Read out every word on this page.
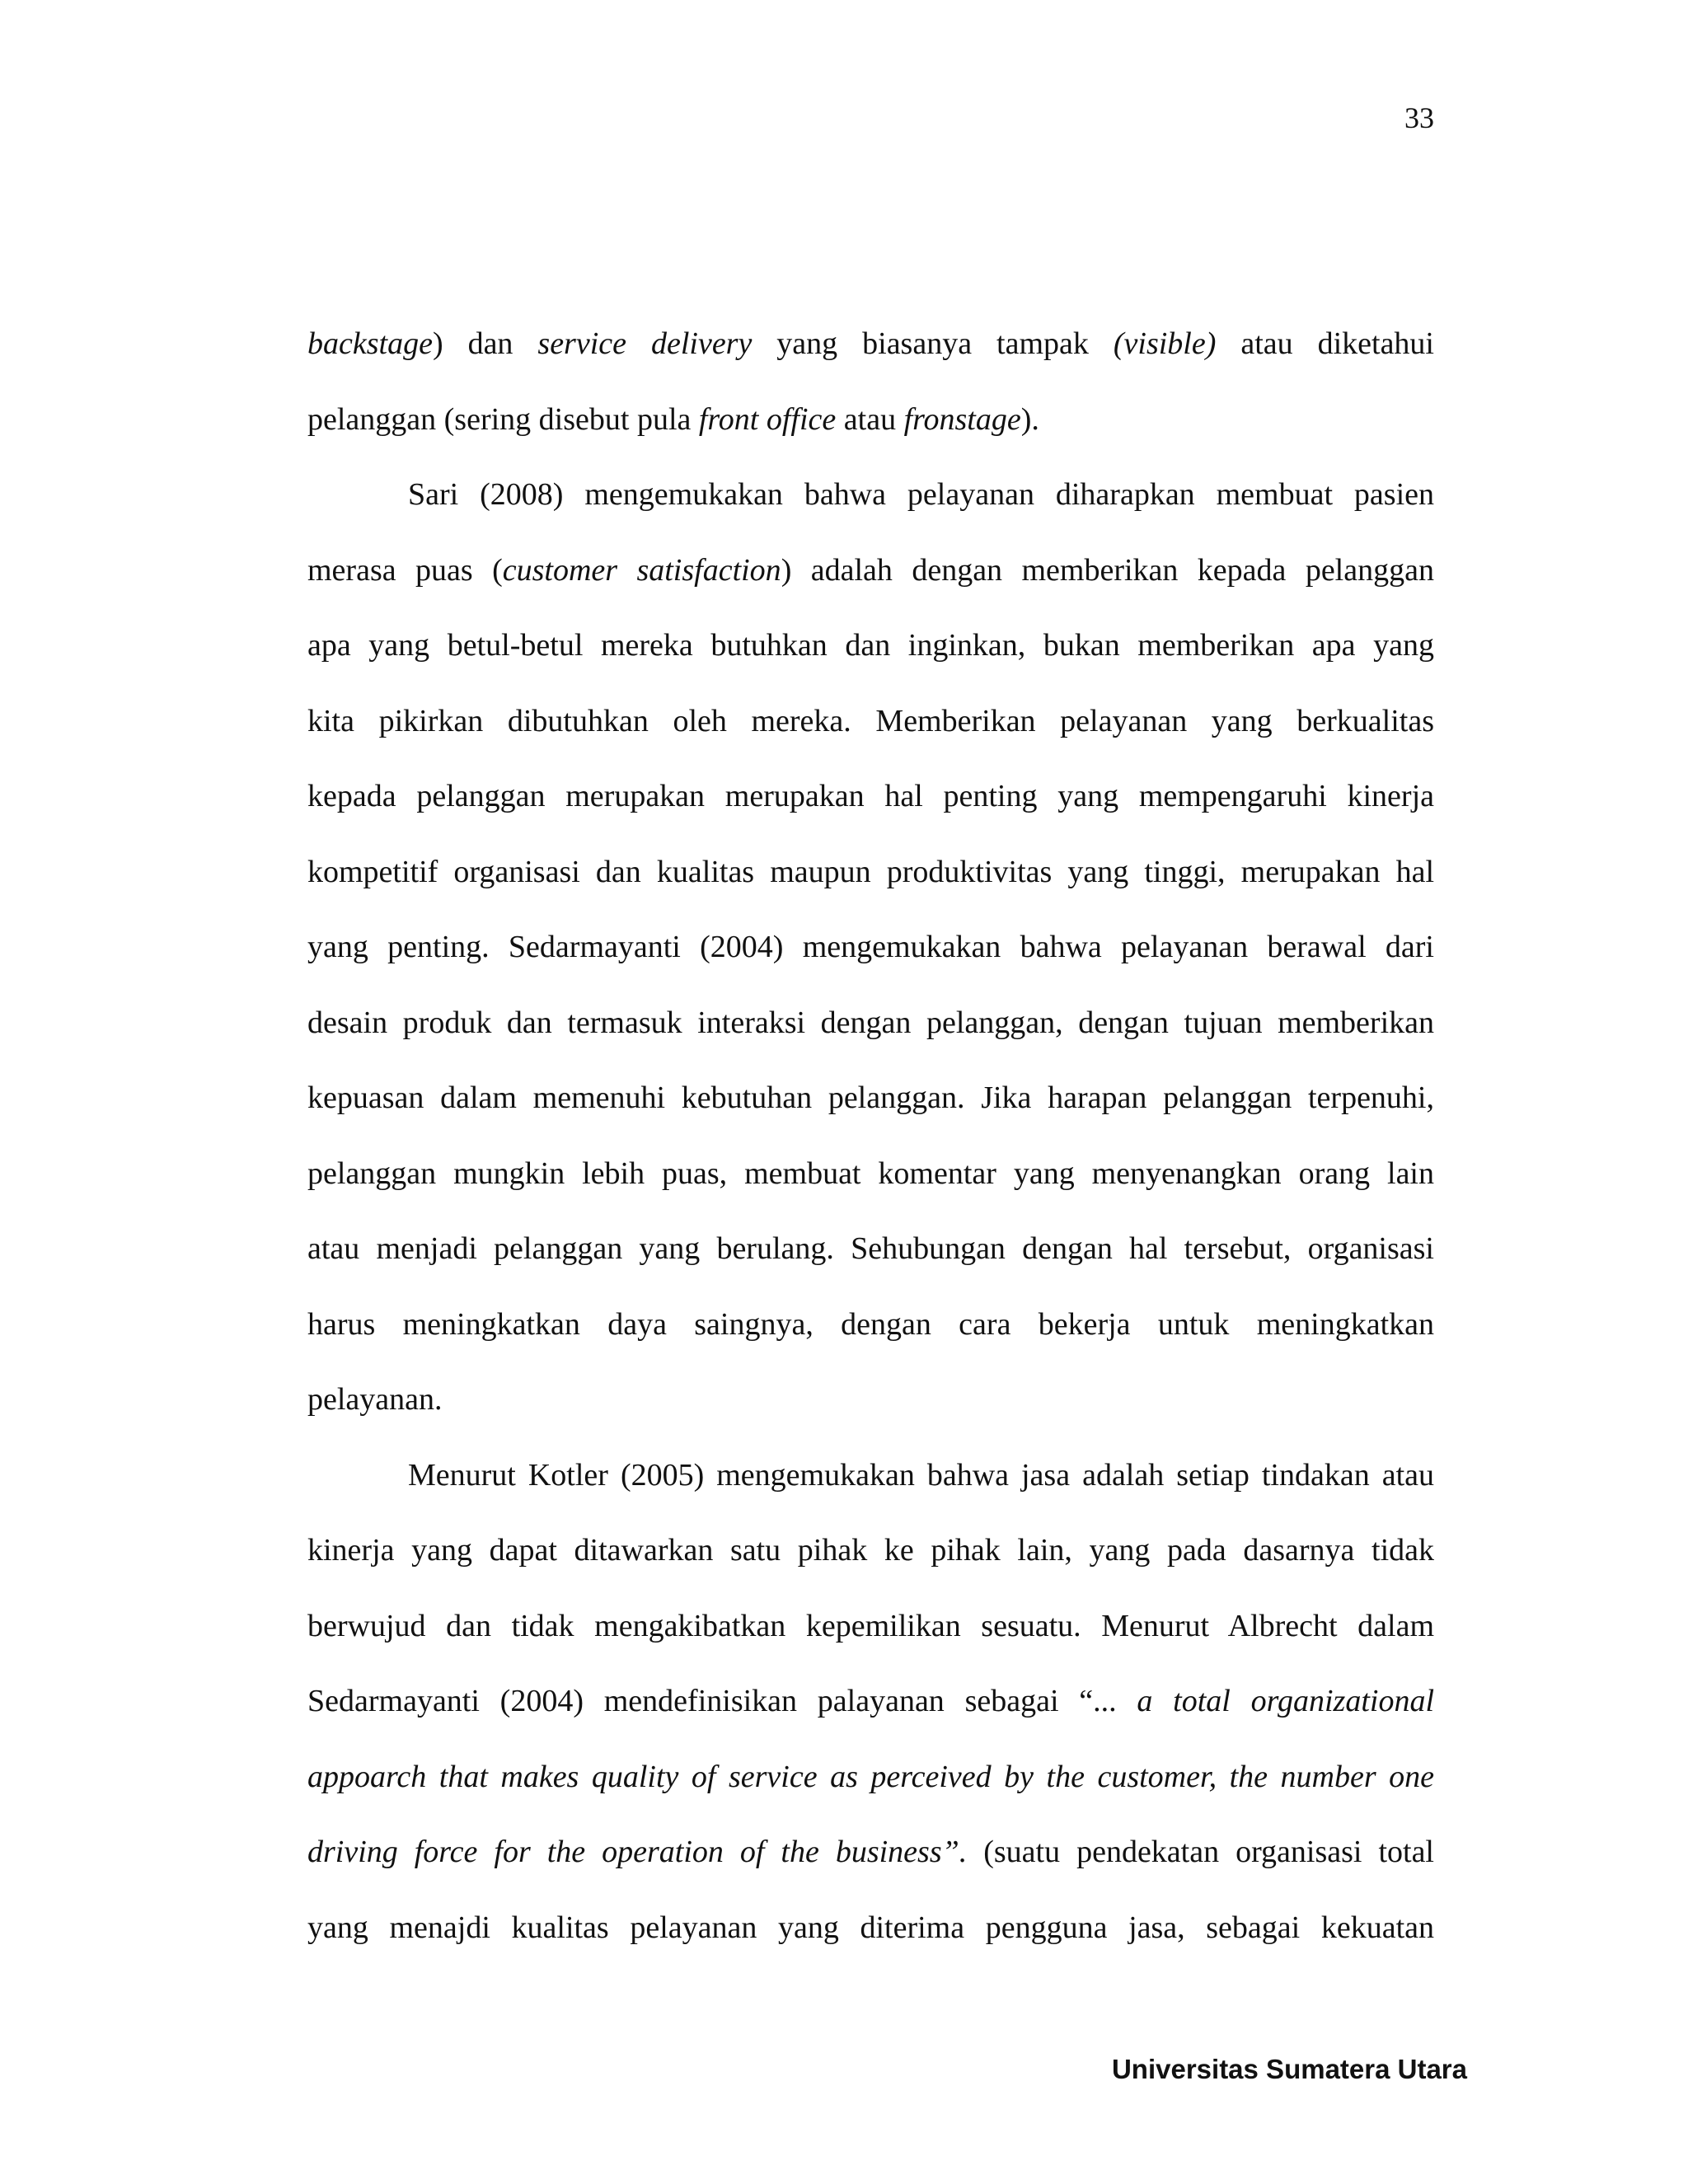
33
backstage) dan service delivery yang biasanya tampak (visible) atau diketahui
pelanggan (sering disebut pula front office atau fronstage).
Sari (2008) mengemukakan bahwa pelayanan diharapkan membuat pasien
merasa puas (customer satisfaction) adalah dengan memberikan kepada pelanggan
apa yang betul-betul mereka butuhkan dan inginkan, bukan memberikan apa yang
kita pikirkan dibutuhkan oleh mereka. Memberikan pelayanan yang berkualitas
kepada pelanggan merupakan merupakan hal penting yang mempengaruhi kinerja
kompetitif organisasi dan kualitas maupun produktivitas yang tinggi, merupakan hal
yang penting. Sedarmayanti (2004) mengemukakan bahwa pelayanan berawal dari
desain produk dan termasuk interaksi dengan pelanggan, dengan tujuan memberikan
kepuasan dalam memenuhi kebutuhan pelanggan. Jika harapan pelanggan terpenuhi,
pelanggan mungkin lebih puas, membuat komentar yang menyenangkan orang lain
atau menjadi pelanggan yang berulang. Sehubungan dengan hal tersebut, organisasi
harus meningkatkan daya saingnya, dengan cara bekerja untuk meningkatkan
pelayanan.
Menurut Kotler (2005) mengemukakan bahwa jasa adalah setiap tindakan atau
kinerja yang dapat ditawarkan satu pihak ke pihak lain, yang pada dasarnya tidak
berwujud dan tidak mengakibatkan kepemilikan sesuatu. Menurut Albrecht dalam
Sedarmayanti (2004) mendefinisikan palayanan sebagai “... a total organizational
appoarch that makes quality of service as perceived by the customer, the number one
driving force for the operation of the business”. (suatu pendekatan organisasi total
yang menajdi kualitas pelayanan yang diterima pengguna jasa, sebagai kekuatan
Universitas Sumatera Utara
